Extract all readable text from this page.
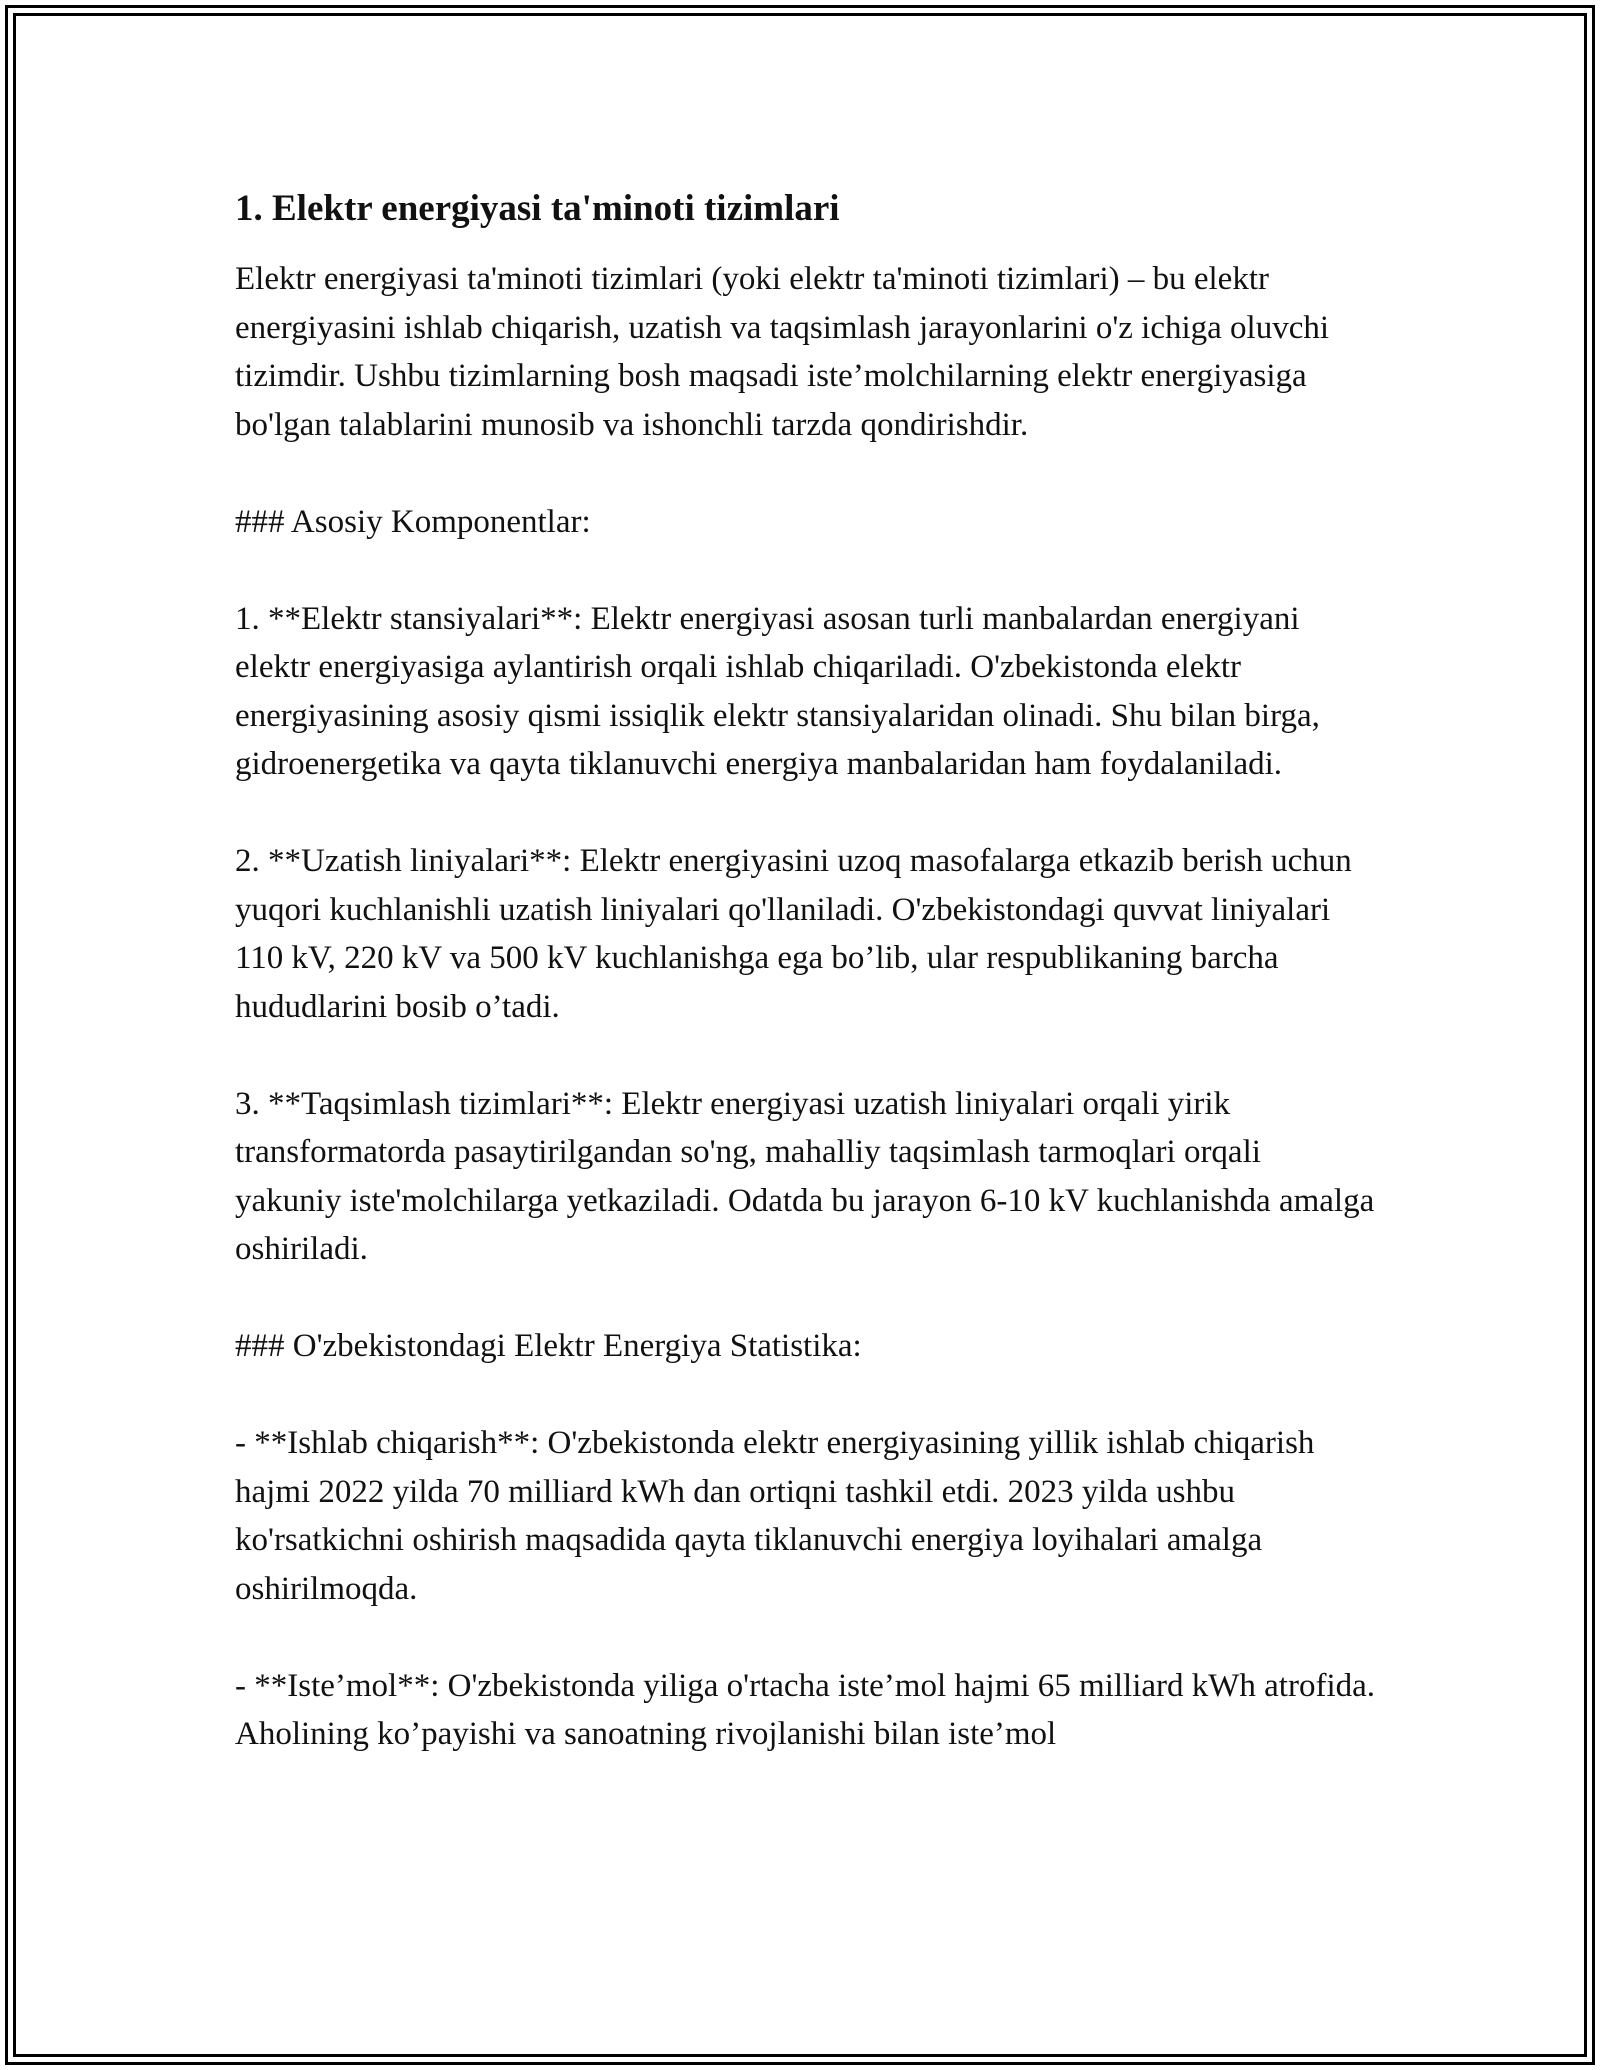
1. Elektr energiyasi ta'minoti tizimlari

Elektr energiyasi ta'minoti tizimlari (yoki elektr ta'minoti tizimlari) – bu elektr energiyasini ishlab chiqarish, uzatish va taqsimlash jarayonlarini o'z ichiga oluvchi tizimdir. Ushbu tizimlarning bosh maqsadi iste’molchilarning elektr energiyasiga bo'lgan talablarini munosib va ishonchli tarzda qondirishdir.

### Asosiy Komponentlar:

1. **Elektr stansiyalari**: Elektr energiyasi asosan turli manbalardan energiyani elektr energiyasiga aylantirish orqali ishlab chiqariladi. O'zbekistonda elektr energiyasining asosiy qismi issiqlik elektr stansiyalaridan olinadi. Shu bilan birga, gidroenergetika va qayta tiklanuvchi energiya manbalaridan ham foydalaniladi.

2. **Uzatish liniyalari**: Elektr energiyasini uzoq masofalarga etkazib berish uchun yuqori kuchlanishli uzatish liniyalari qo'llaniladi. O'zbekistondagi quvvat liniyalari 110 kV, 220 kV va 500 kV kuchlanishga ega bo’lib, ular respublikaning barcha hududlarini bosib o’tadi.

3. **Taqsimlash tizimlari**: Elektr energiyasi uzatish liniyalari orqali yirik transformatorda pasaytirilgandan so'ng, mahalliy taqsimlash tarmoqlari orqali yakuniy iste'molchilarga yetkaziladi. Odatda bu jarayon 6-10 kV kuchlanishda amalga oshiriladi.

### O'zbekistondagi Elektr Energiya Statistika:

- **Ishlab chiqarish**: O'zbekistonda elektr energiyasining yillik ishlab chiqarish hajmi 2022 yilda 70 milliard kWh dan ortiqni tashkil etdi. 2023 yilda ushbu ko'rsatkichni oshirish maqsadida qayta tiklanuvchi energiya loyihalari amalga oshirilmoqda.

- **Iste’mol**: O'zbekistonda yiliga o'rtacha iste’mol hajmi 65 milliard kWh atrofida. Aholining ko’payishi va sanoatning rivojlanishi bilan iste’mol
